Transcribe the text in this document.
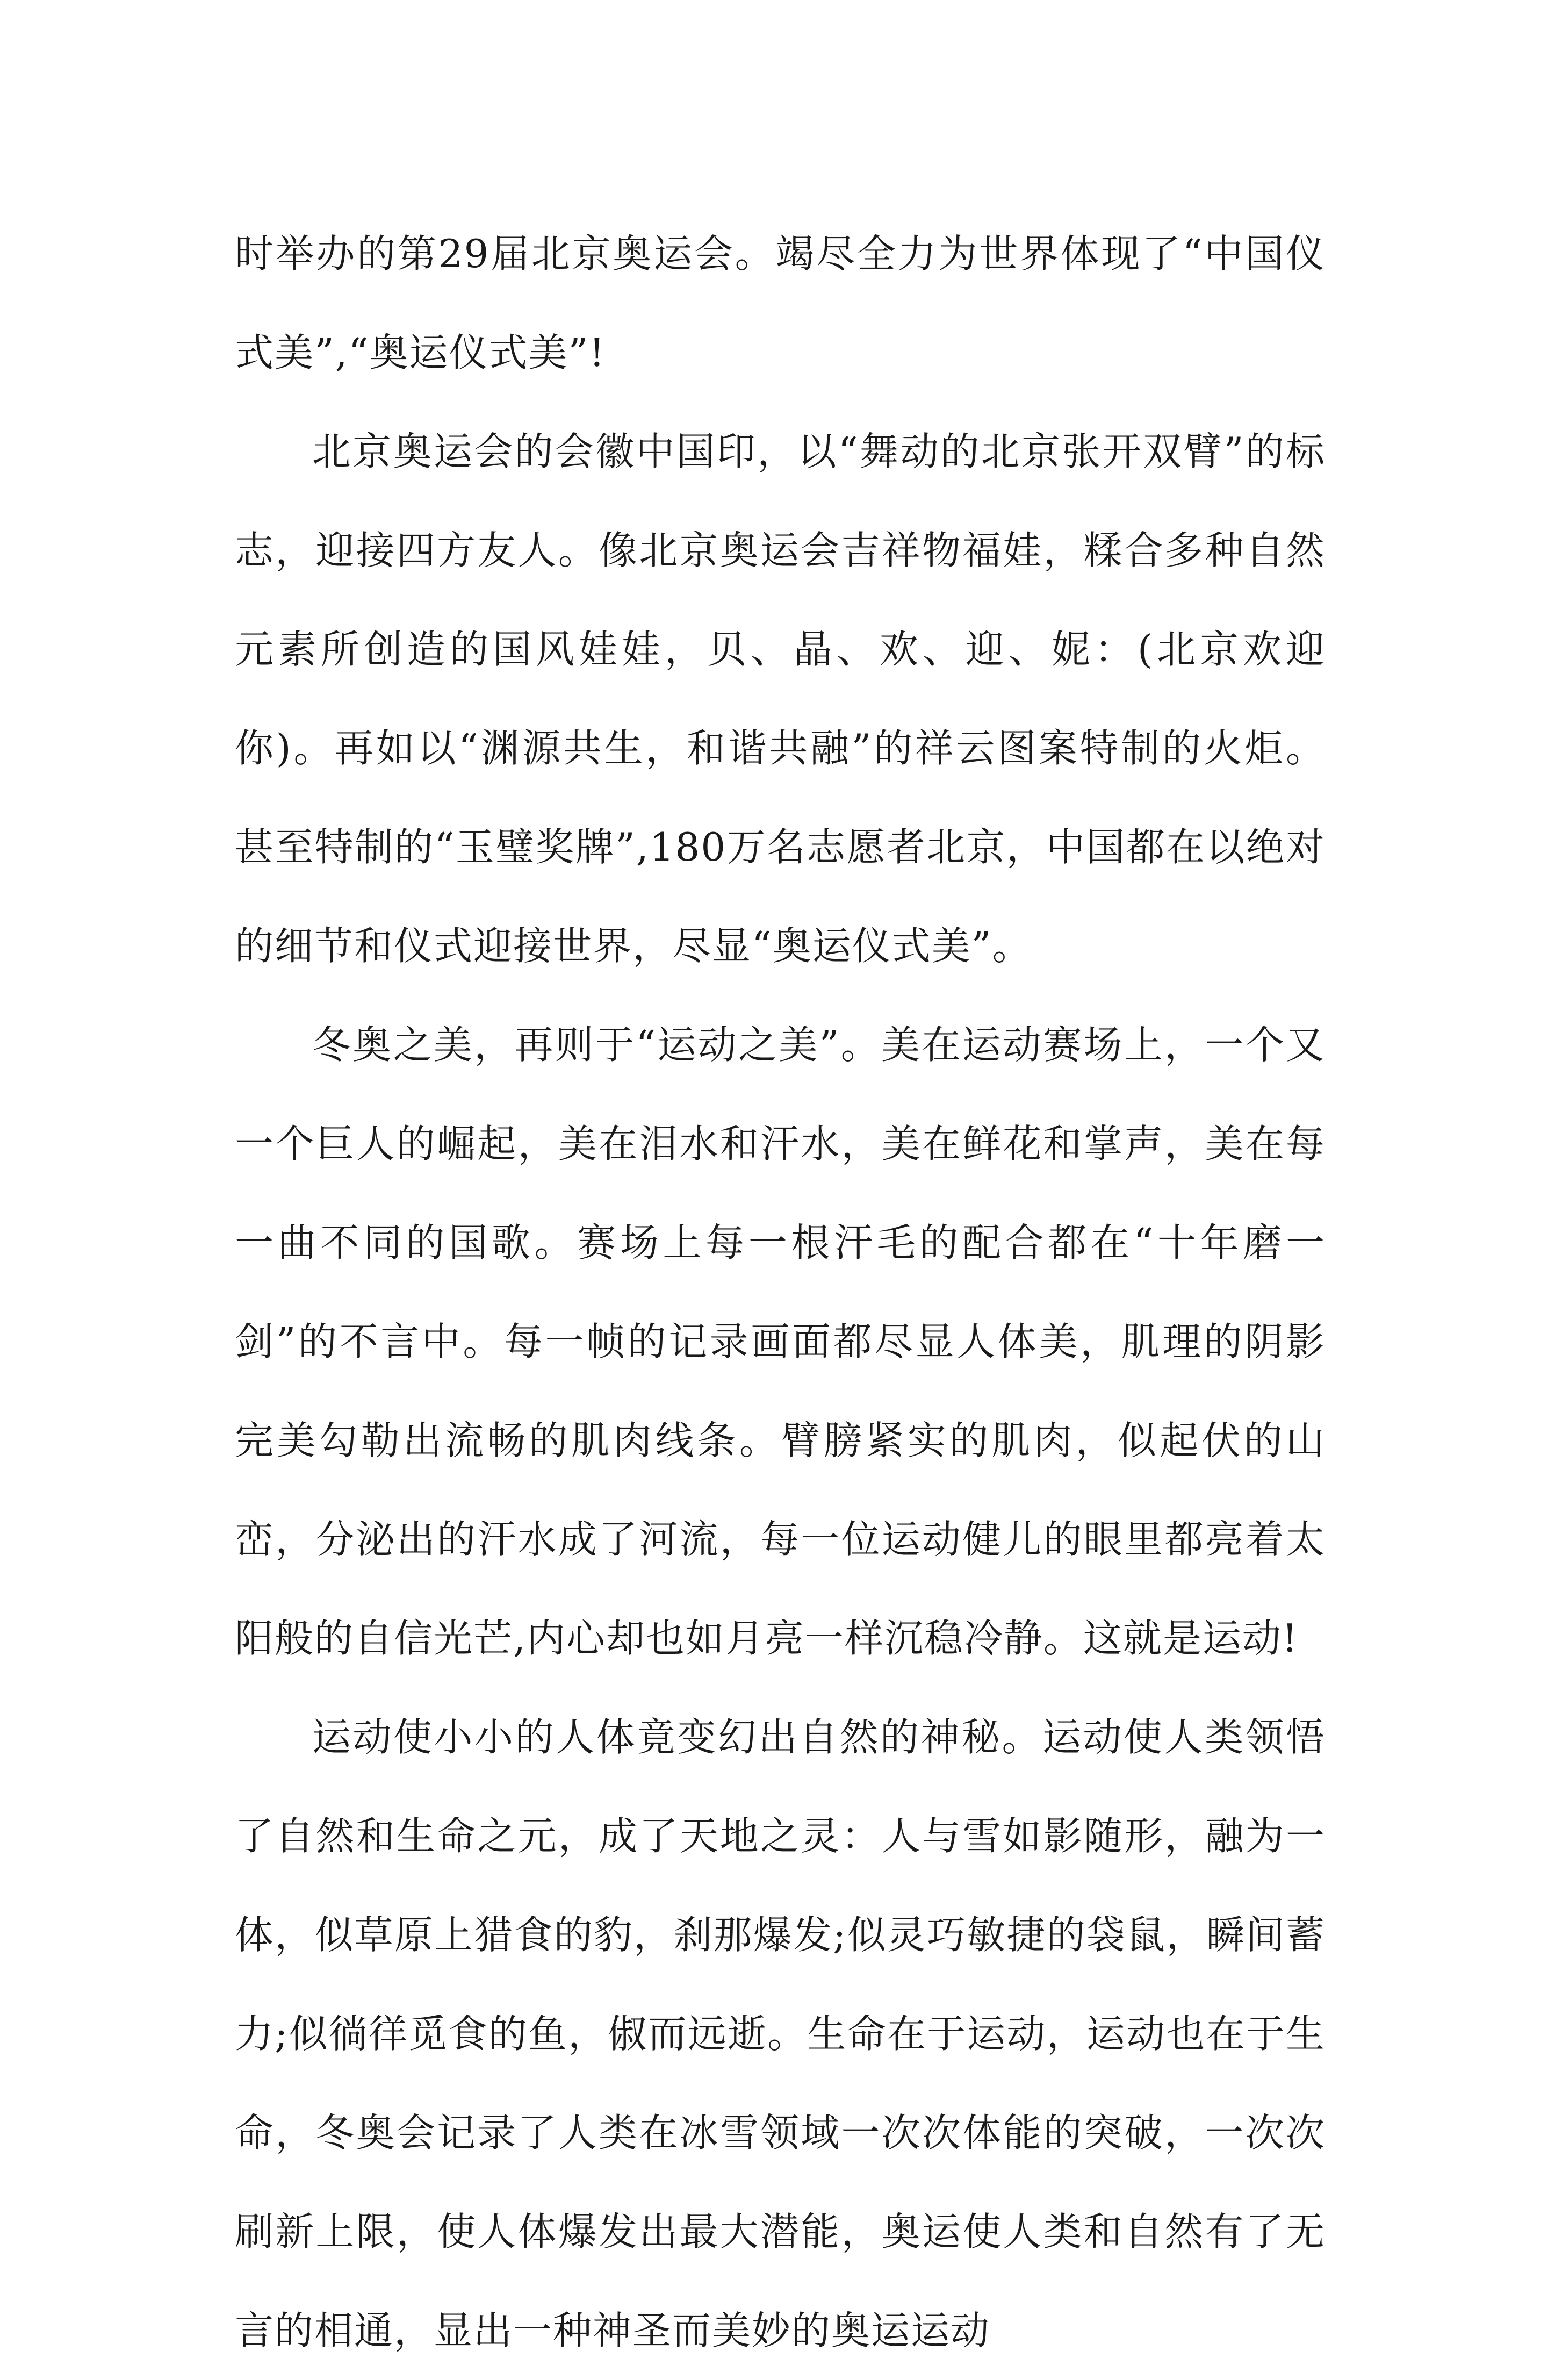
时举办的第29届北京奥运会。竭尽全力为世界体现了“中国仪式美”,“奥运仪式美”!

北京奥运会的会徽中国印，以“舞动的北京张开双臂”的标志，迎接四方友人。像北京奥运会吉祥物福娃，糅合多种自然元素所创造的国风娃娃，贝、晶、欢、迎、妮：(北京欢迎你)。再如以“渊源共生，和谐共融”的祥云图案特制的火炬。甚至特制的“玉璧奖牌”,180万名志愿者北京，中国都在以绝对的细节和仪式迎接世界，尽显“奥运仪式美”。

冬奥之美，再则于“运动之美”。美在运动赛场上，一个又一个巨人的崛起，美在泪水和汗水，美在鲜花和掌声，美在每一曲不同的国歌。赛场上每一根汗毛的配合都在“十年磨一剑”的不言中。每一帧的记录画面都尽显人体美，肌理的阴影完美勾勒出流畅的肌肉线条。臂膀紧实的肌肉，似起伏的山峦，分泌出的汗水成了河流，每一位运动健儿的眼里都亮着太阳般的自信光芒,内心却也如月亮一样沉稳冷静。这就是运动!

运动使小小的人体竟变幻出自然的神秘。运动使人类领悟了自然和生命之元，成了天地之灵：人与雪如影随形，融为一体，似草原上猎食的豹，刹那爆发;似灵巧敏捷的袋鼠，瞬间蓄力;似徜徉觅食的鱼，俶而远逝。生命在于运动，运动也在于生命，冬奥会记录了人类在冰雪领域一次次体能的突破，一次次刷新上限，使人体爆发出最大潜能，奥运使人类和自然有了无言的相通，显出一种神圣而美妙的奥运运动
